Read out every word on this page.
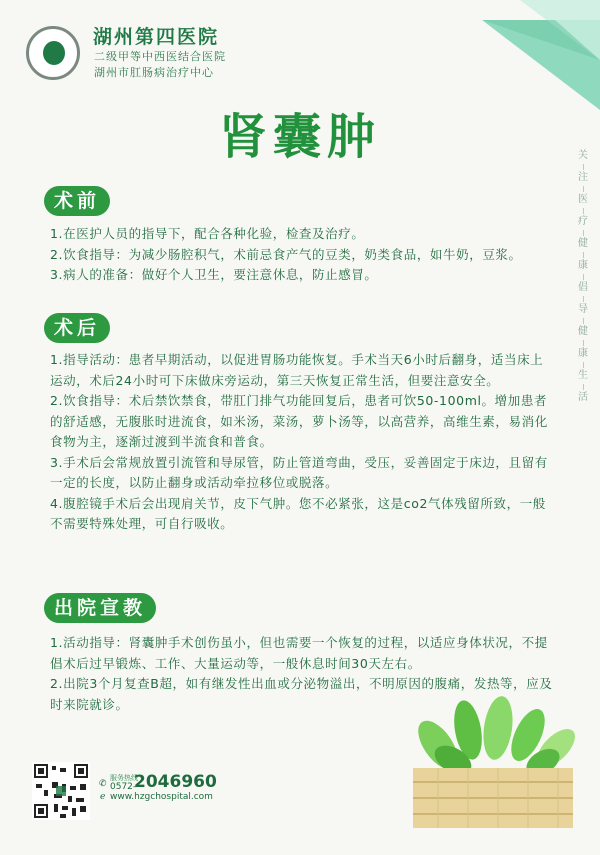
湖州第四医院
二级甲等中西医结合医院
湖州市肛肠病治疗中心
肾囊肿	关
注
医
疗
健
康
倡
导
健
康
生
活
术前

1.在医护人员的指导下，配合各种化验，检查及治疗。

2.饮食指导：为减少肠腔积气，术前忌食产气的豆类，奶类食品，如牛奶，豆浆。

3.病人的准备：做好个人卫生，要注意休息，防止感冒。

术后

1.指导活动：患者早期活动，以促进胃肠功能恢复。手术当天6小时后翻身，适当床上运动，术后24小时可下床做床旁运动，第三天恢复正常生活，但要注意安全。

2.饮食指导：术后禁饮禁食，带肛门排气功能回复后，患者可饮50-100ml。增加患者的舒适感，无腹胀时进流食，如米汤，菜汤，萝卜汤等，以高营养，高维生素，易消化食物为主，逐渐过渡到半流食和普食。

3.手术后会常规放置引流管和导尿管，防止管道弯曲，受压，妥善固定于床边，且留有一定的长度，以防止翻身或活动牵拉移位或脱落。

4.腹腔镜手术后会出现肩关节，皮下气肿。您不必紧张，这是co2气体残留所致，一般不需要特殊处理，可自行吸收。

出院宣教

1.活动指导：肾囊肿手术创伤虽小，但也需要一个恢复的过程，以适应身体状况，不提倡术后过早锻炼、工作、大量运动等，一般休息时间30天左右。

2.出院3个月复查B超，如有继发性出血或分泌物溢出，不明原因的腹痛，发热等，应及时来院就诊。

✆
服务热线
0572-
2046960
ℯ www.hzgchospital.com
